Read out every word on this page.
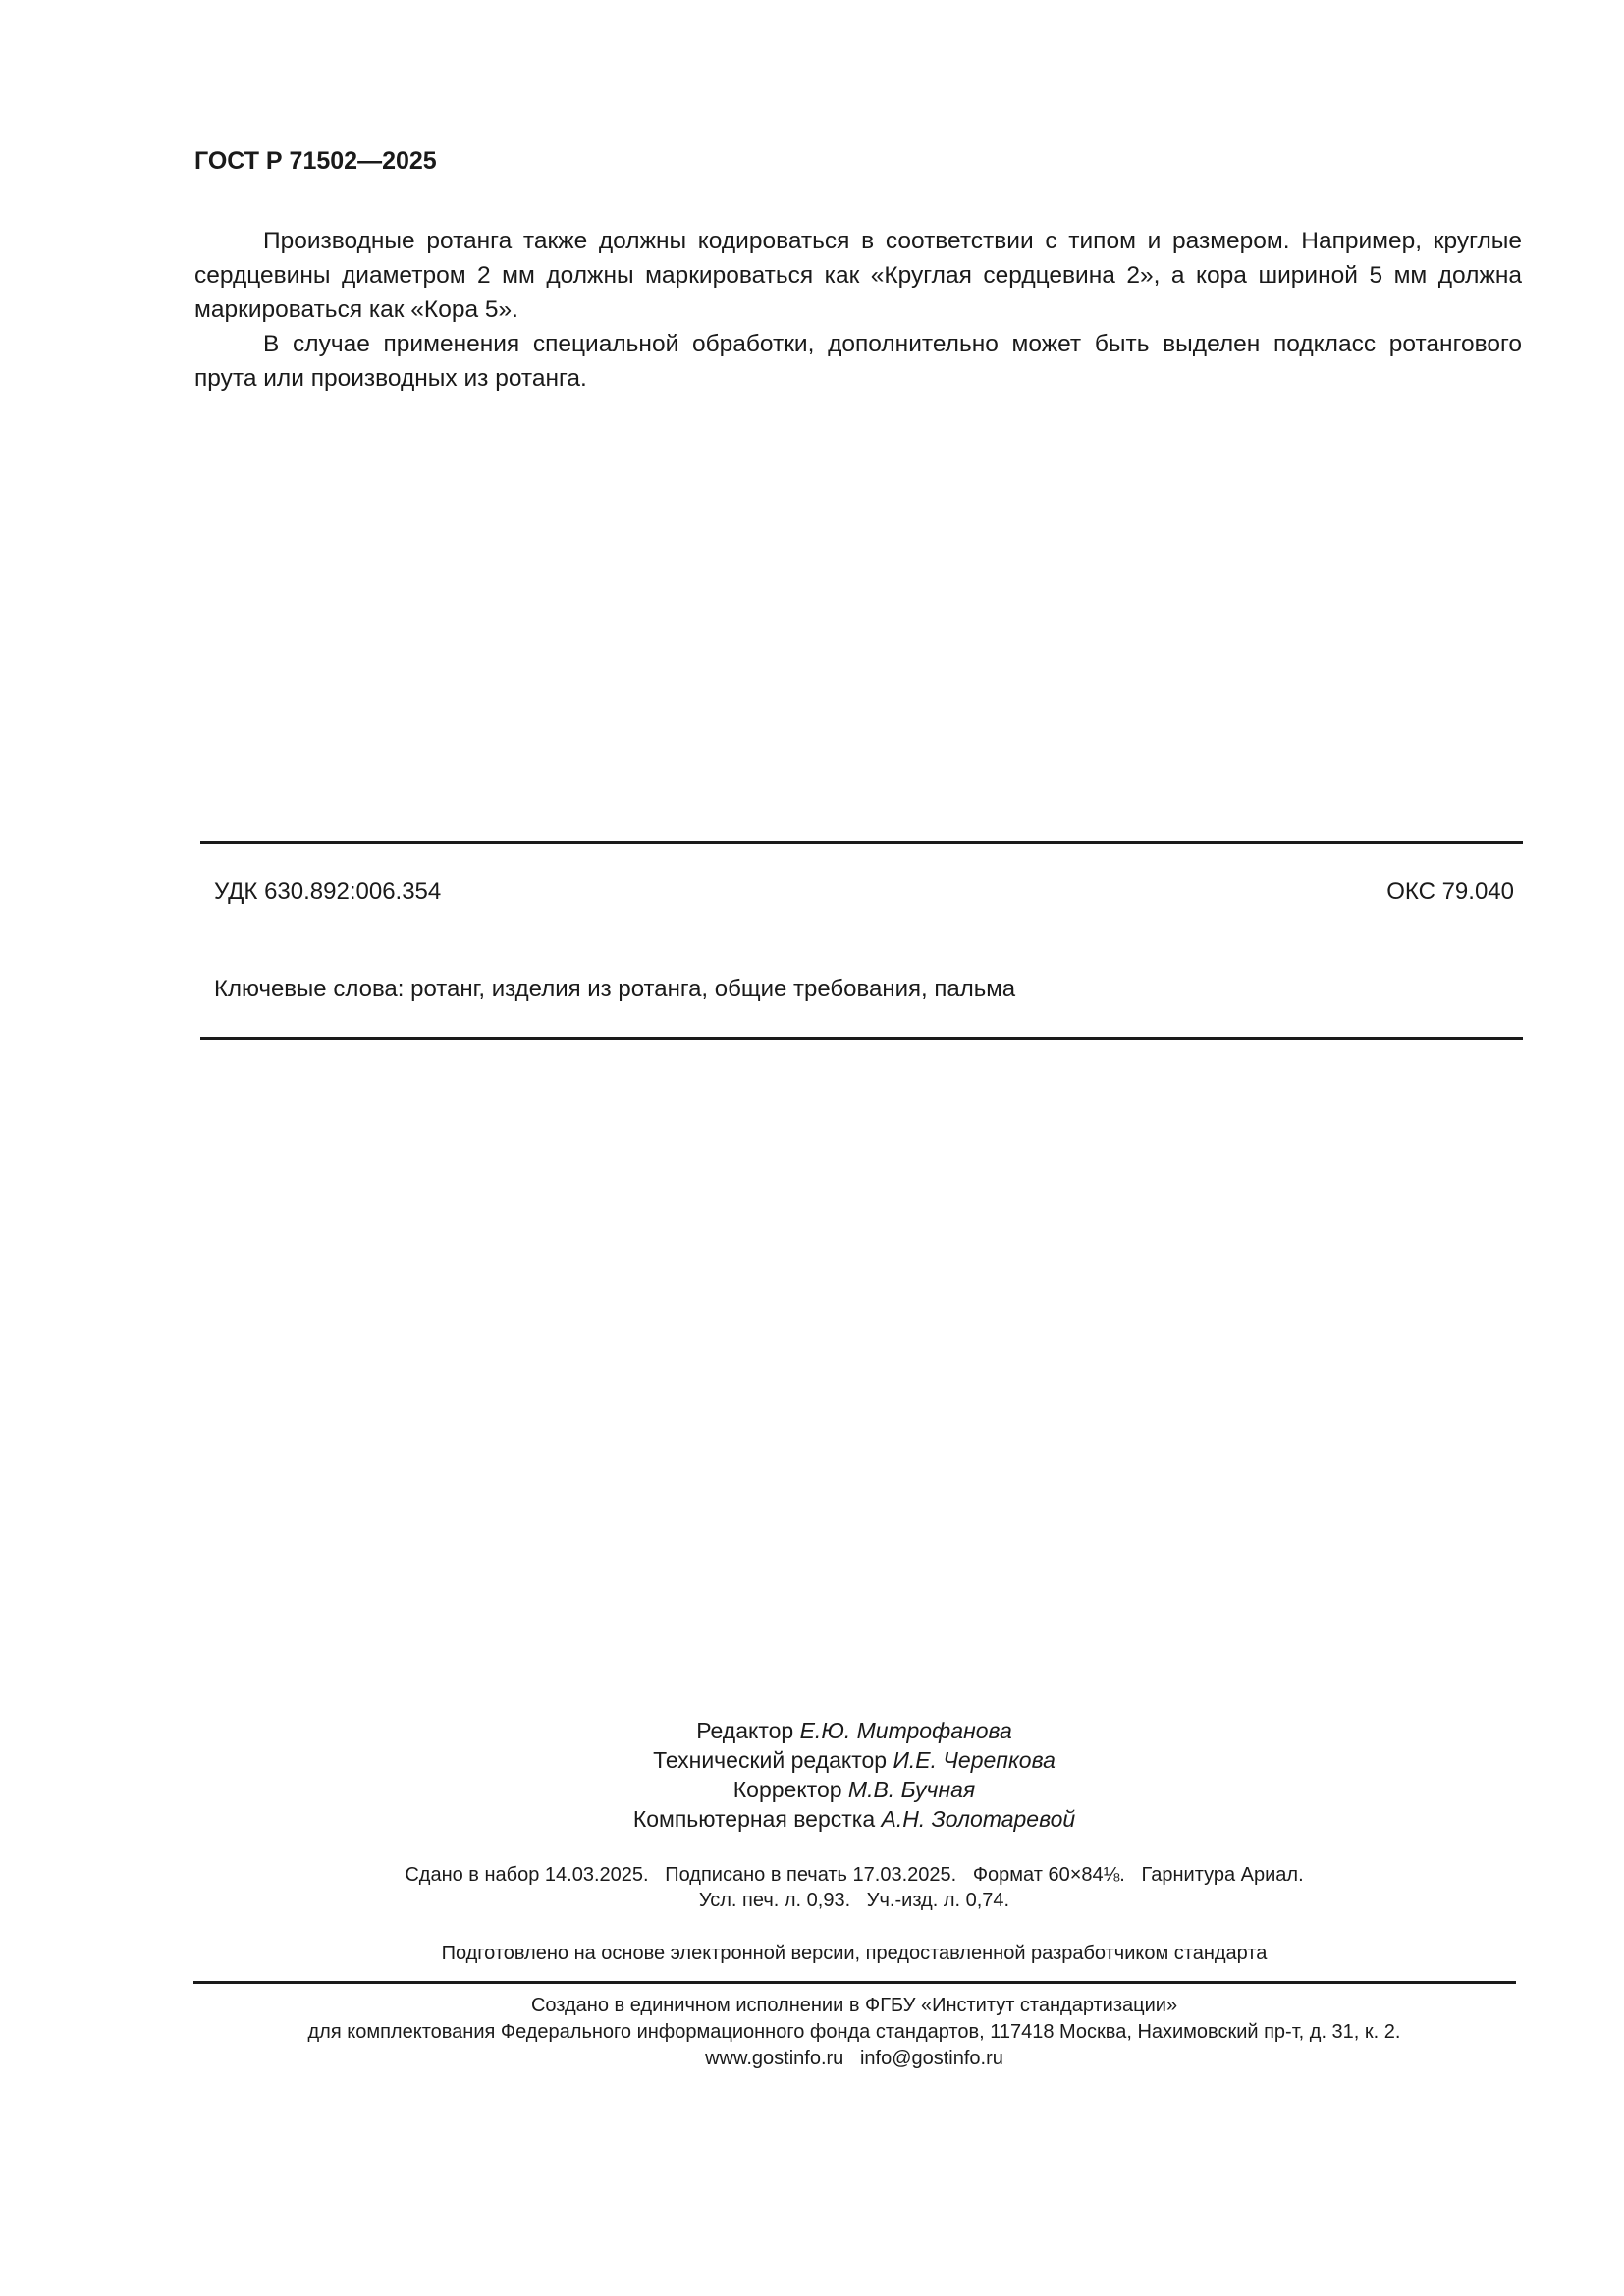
ГОСТ Р 71502—2025

Производные ротанга также должны кодироваться в соответствии с типом и размером. Например, круглые сердцевины диаметром 2 мм должны маркироваться как «Круглая сердцевина 2», а кора шириной 5 мм должна маркироваться как «Кора 5».

В случае применения специальной обработки, дополнительно может быть выделен подкласс ротангового прута или производных из ротанга.

УДК 630.892:006.354	ОКС 79.040
Ключевые слова: ротанг, изделия из ротанга, общие требования, пальма
Редактор Е.Ю. Митрофанова
Технический редактор И.Е. Черепкова
Корректор М.В. Бучная
Компьютерная верстка А.Н. Золотаревой
Сдано в набор 14.03.2025.   Подписано в печать 17.03.2025.   Формат 60×84⅛.   Гарнитура Ариал.
Усл. печ. л. 0,93.   Уч.-изд. л. 0,74.
Подготовлено на основе электронной версии, предоставленной разработчиком стандарта
Создано в единичном исполнении в ФГБУ «Институт стандартизации»
для комплектования Федерального информационного фонда стандартов, 117418 Москва, Нахимовский пр-т, д. 31, к. 2.
www.gostinfo.ru   info@gostinfo.ru
